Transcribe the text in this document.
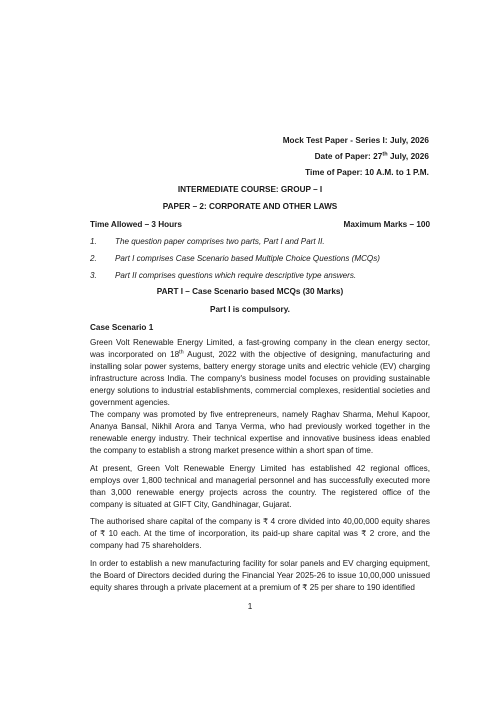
Mock Test Paper - Series I: July, 2026
Date of Paper: 27th July, 2026
Time of Paper: 10 A.M. to 1 P.M.
INTERMEDIATE COURSE: GROUP – I
PAPER – 2: CORPORATE AND OTHER LAWS
Time Allowed – 3 Hours	Maximum Marks – 100
1. The question paper comprises two parts, Part I and Part II.
2. Part I comprises Case Scenario based Multiple Choice Questions (MCQs)
3. Part II comprises questions which require descriptive type answers.
PART I – Case Scenario based MCQs (30 Marks)
Part I is compulsory.
Case Scenario 1

Green Volt Renewable Energy Limited, a fast-growing company in the clean energy sector, was incorporated on 18th August, 2022 with the objective of designing, manufacturing and installing solar power systems, battery energy storage units and electric vehicle (EV) charging infrastructure across India. The company's business model focuses on providing sustainable energy solutions to industrial establishments, commercial complexes, residential societies and government agencies.

The company was promoted by five entrepreneurs, namely Raghav Sharma, Mehul Kapoor, Ananya Bansal, Nikhil Arora and Tanya Verma, who had previously worked together in the renewable energy industry. Their technical expertise and innovative business ideas enabled the company to establish a strong market presence within a short span of time.

At present, Green Volt Renewable Energy Limited has established 42 regional offices, employs over 1,800 technical and managerial personnel and has successfully executed more than 3,000 renewable energy projects across the country. The registered office of the company is situated at GIFT City, Gandhinagar, Gujarat.

The authorised share capital of the company is ₹ 4 crore divided into 40,00,000 equity shares of ₹ 10 each. At the time of incorporation, its paid-up share capital was ₹ 2 crore, and the company had 75 shareholders.

In order to establish a new manufacturing facility for solar panels and EV charging equipment, the Board of Directors decided during the Financial Year 2025-26 to issue 10,00,000 unissued equity shares through a private placement at a premium of ₹ 25 per share to 190 identified

1
